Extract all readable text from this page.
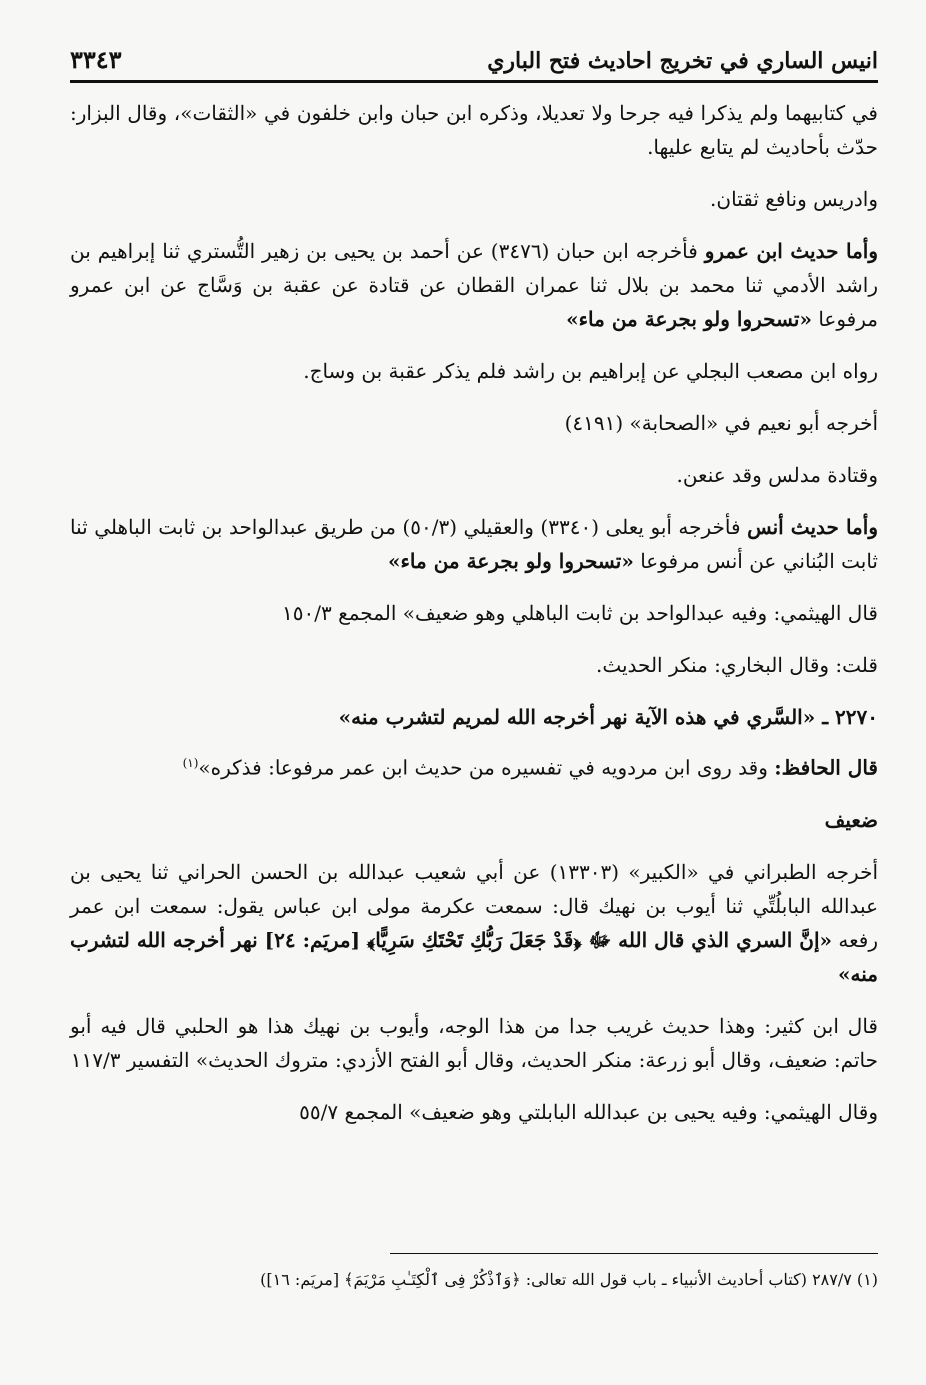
انيس الساري في تخريج احاديث فتح الباري
٣٣٤٣

في كتابيهما ولم يذكرا فيه جرحا ولا تعديلا، وذكره ابن حبان وابن خلفون في «الثقات»، وقال البزار: حدّث بأحاديث لم يتابع عليها.

وادريس ونافع ثقتان.

وأما حديث ابن عمرو فأخرجه ابن حبان (٣٤٧٦) عن أحمد بن يحيى بن زهير التُّستري ثنا إبراهيم بن راشد الأدمي ثنا محمد بن بلال ثنا عمران القطان عن قتادة عن عقبة بن وَسَّاج عن ابن عمرو مرفوعا «تسحروا ولو بجرعة من ماء»

رواه ابن مصعب البجلي عن إبراهيم بن راشد فلم يذكر عقبة بن وساج.

أخرجه أبو نعيم في «الصحابة» (٤١٩١)

وقتادة مدلس وقد عنعن.

وأما حديث أنس فأخرجه أبو يعلى (٣٣٤٠) والعقيلي (٥٠/٣) من طريق عبدالواحد بن ثابت الباهلي ثنا ثابت البُناني عن أنس مرفوعا «تسحروا ولو بجرعة من ماء»

قال الهيثمي: وفيه عبدالواحد بن ثابت الباهلي وهو ضعيف» المجمع ١٥٠/٣

قلت: وقال البخاري: منكر الحديث.

٢٢٧٠ ـ «السَّري في هذه الآية نهر أخرجه الله لمريم لتشرب منه»

قال الحافظ: وقد روى ابن مردويه في تفسيره من حديث ابن عمر مرفوعا: فذكره»$^{(١)}$

ضعيف

أخرجه الطبراني في «الكبير» (١٣٣٠٣) عن أبي شعيب عبدالله بن الحسن الحراني ثنا يحيى بن عبدالله البابلُتِّي ثنا أيوب بن نهيك قال: سمعت عكرمة مولى ابن عباس يقول: سمعت ابن عمر رفعه «إنَّ السري الذي قال الله ﷻ ﴿قَدْ جَعَلَ رَبُّكِ تَحْتَكِ سَرِيًّا﴾ [مريَم: ٢٤] نهر أخرجه الله لتشرب منه»

قال ابن كثير: وهذا حديث غريب جدا من هذا الوجه، وأيوب بن نهيك هذا هو الحلبي قال فيه أبو حاتم: ضعيف، وقال أبو زرعة: منكر الحديث، وقال أبو الفتح الأزدي: متروك الحديث» التفسير ١١٧/٣

وقال الهيثمي: وفيه يحيى بن عبدالله البابلتي وهو ضعيف» المجمع ٥٥/٧

(١) ٢٨٧/٧ (كتاب أحاديث الأنبياء ـ باب قول الله تعالى: ﴿وَٱذْكُرْ فِى ٱلْكِتَـٰبِ مَرْيَمَ﴾ [مريَم: ١٦])
